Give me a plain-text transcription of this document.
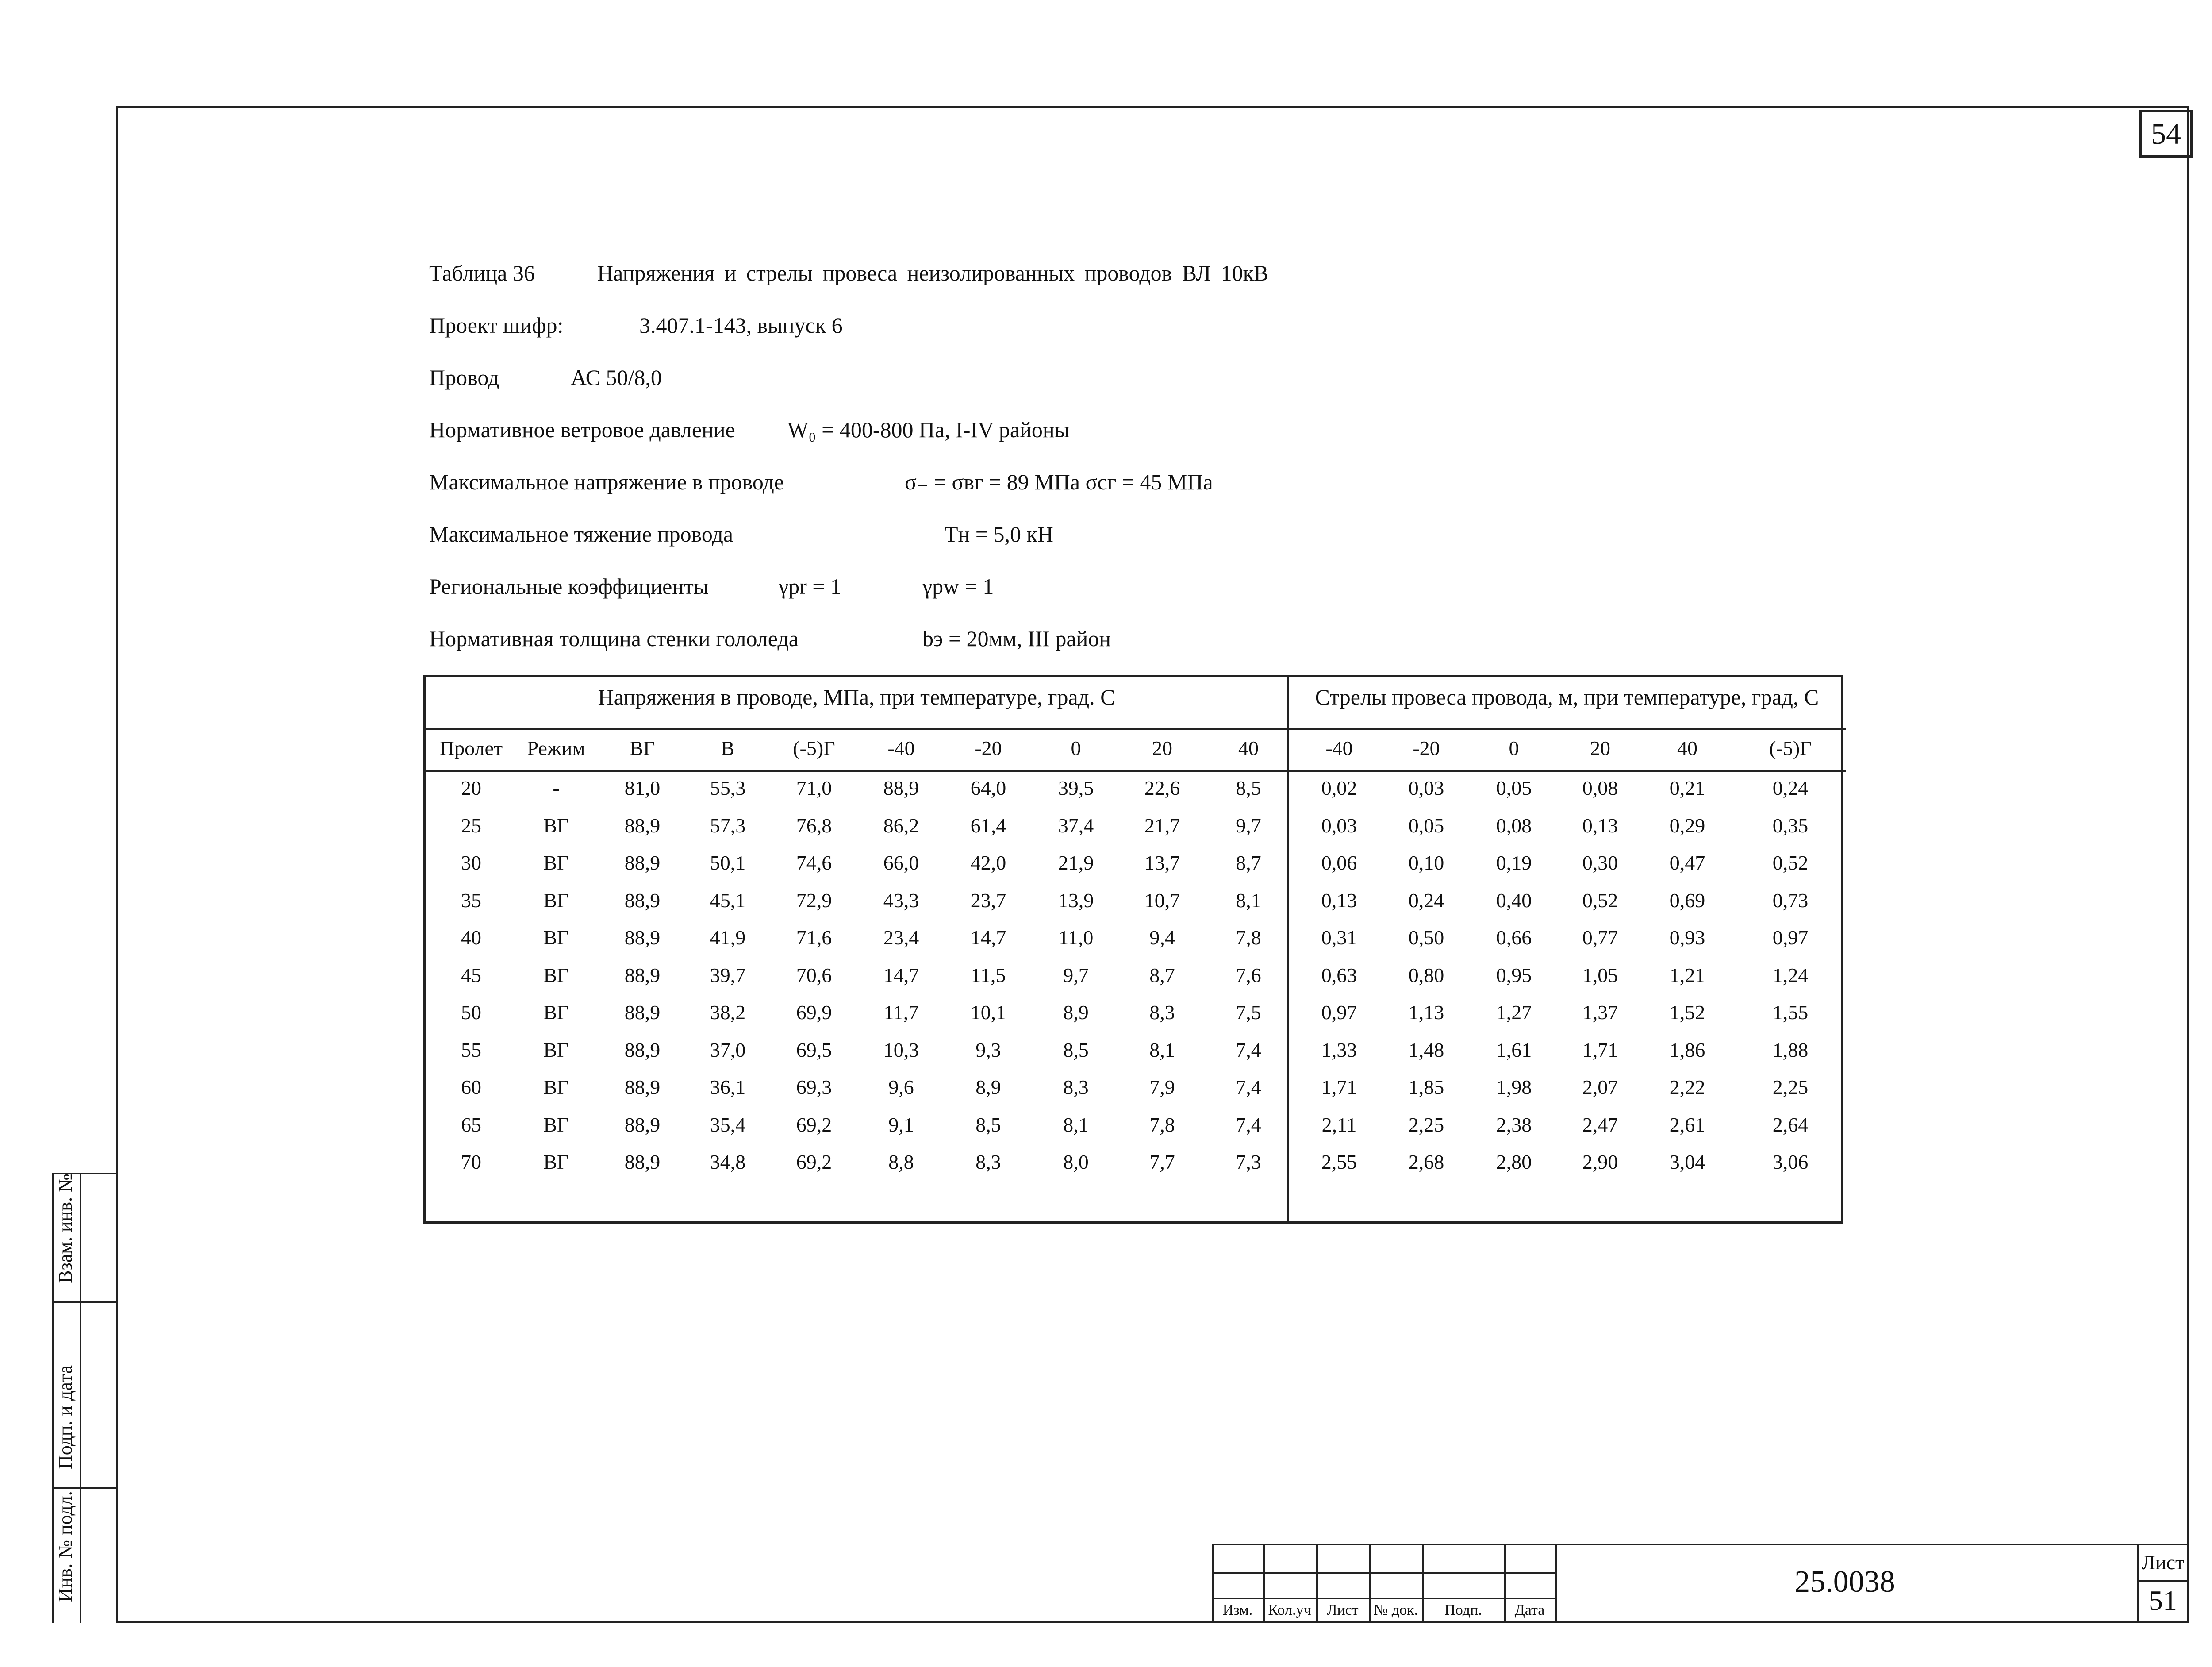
54
Таблица 36	Напряжения и стрелы провеса неизолированных проводов ВЛ 10кВ
Проект шифр:	3.407.1-143, выпуск 6
Провод	АС 50/8,0
Нормативное ветровое давление W₀ = 400-800 Па, I-IV районы
Максимальное напряжение в проводе	σ₋ = σвг = 89 МПа σсг = 45 МПа
Максимальное тяжение провода	Tн = 5,0 кН
Региональные коэффициенты	γpr = 1	γpw = 1
Нормативная толщина стенки гололеда	bэ = 20мм, III район
Напряжения в проводе, МПа, при температуре, град. С	Стрелы провеса провода, м, при температуре, град, С
Пролет	Режим	ВГ	В	(-5)Г	-40	-20	0	20	40	-40	-20	0	20	40	(-5)Г
20	-	81,0	55,3	71,0	88,9	64,0	39,5	22,6	8,5	0,02	0,03	0,05	0,08	0,21	0,24
25	ВГ	88,9	57,3	76,8	86,2	61,4	37,4	21,7	9,7	0,03	0,05	0,08	0,13	0,29	0,35
30	ВГ	88,9	50,1	74,6	66,0	42,0	21,9	13,7	8,7	0,06	0,10	0,19	0,30	0,47	0,52
35	ВГ	88,9	45,1	72,9	43,3	23,7	13,9	10,7	8,1	0,13	0,24	0,40	0,52	0,69	0,73
40	ВГ	88,9	41,9	71,6	23,4	14,7	11,0	9,4	7,8	0,31	0,50	0,66	0,77	0,93	0,97
45	ВГ	88,9	39,7	70,6	14,7	11,5	9,7	8,7	7,6	0,63	0,80	0,95	1,05	1,21	1,24
50	ВГ	88,9	38,2	69,9	11,7	10,1	8,9	8,3	7,5	0,97	1,13	1,27	1,37	1,52	1,55
55	ВГ	88,9	37,0	69,5	10,3	9,3	8,5	8,1	7,4	1,33	1,48	1,61	1,71	1,86	1,88
60	ВГ	88,9	36,1	69,3	9,6	8,9	8,3	7,9	7,4	1,71	1,85	1,98	2,07	2,22	2,25
65	ВГ	88,9	35,4	69,2	9,1	8,5	8,1	7,8	7,4	2,11	2,25	2,38	2,47	2,61	2,64
70	ВГ	88,9	34,8	69,2	8,8	8,3	8,0	7,7	7,3	2,55	2,68	2,80	2,90	3,04	3,06
Изм.	Кол.уч	Лист	№ док.	Подп.	Дата
25.0038
Лист
51
Инв. № подл.
Подп. и дата
Взам. инв. №
